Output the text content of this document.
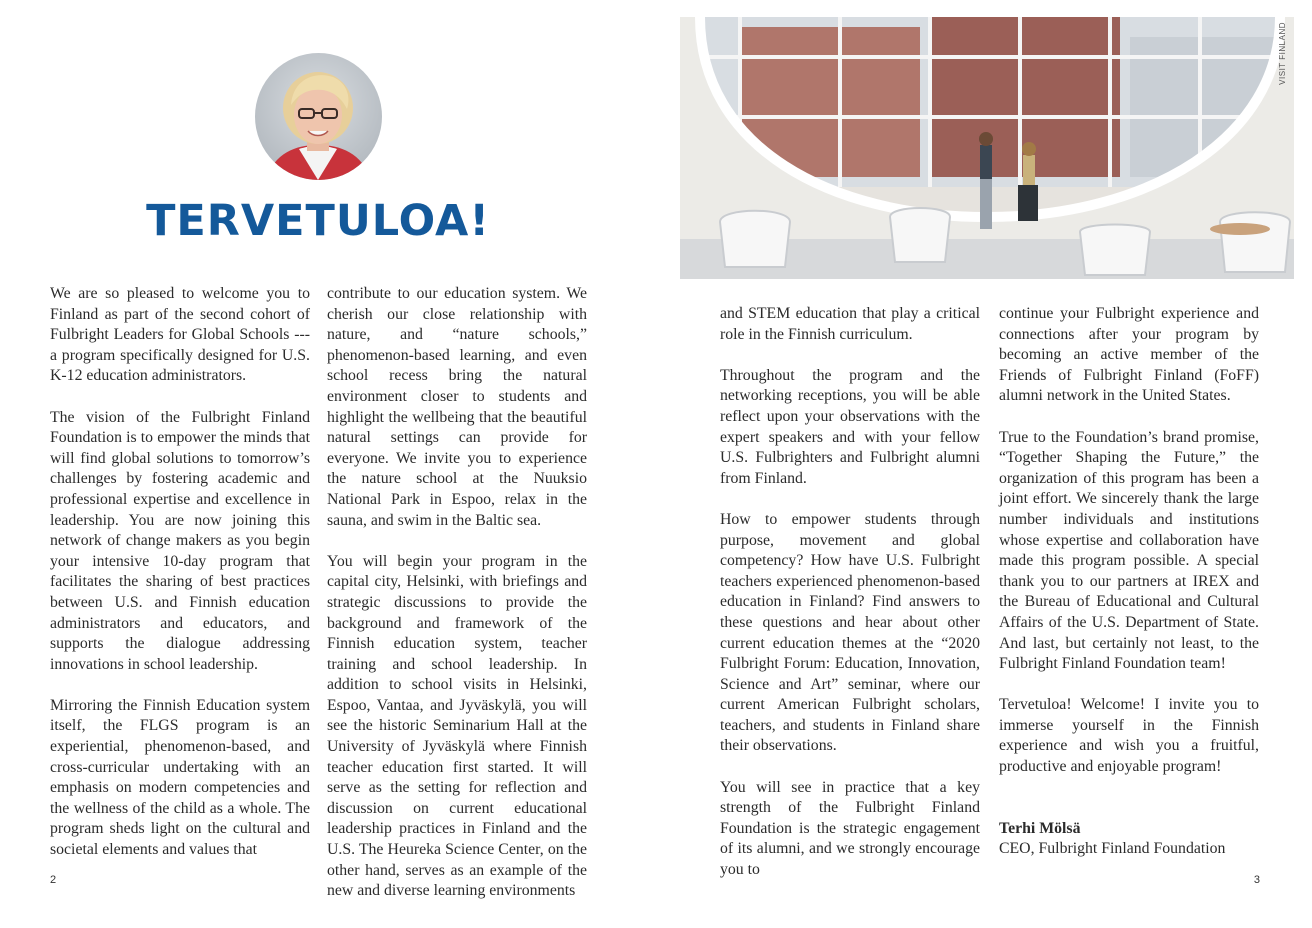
TERVETULOA!

We are so pleased to welcome you to Finland as part of the second cohort of Fulbright Leaders for Global Schools --- a program specifically designed for U.S. K-12 education administrators.

The vision of the Fulbright Finland Foundation is to empower the minds that will find global solutions to tomorrow’s challenges by fostering academic and professional expertise and excellence in leadership. You are now joining this network of change makers as you begin your intensive 10-day program that facilitates the sharing of best practices between U.S. and Finnish education administrators and educators, and supports the dialogue addressing innovations in school leadership.

Mirroring the Finnish Education system itself, the FLGS program is an experiential, phenomenon-based, and cross-curricular undertaking with an emphasis on modern competencies and the wellness of the child as a whole. The program sheds light on the cultural and societal elements and values that

contribute to our education system. We cherish our close relationship with nature, and “nature schools,” phenomenon-based learning, and even school recess bring the natural environment closer to students and highlight the wellbeing that the beautiful natural settings can provide for everyone. We invite you to experience the nature school at the Nuuksio National Park in Espoo, relax in the sauna, and swim in the Baltic sea.

You will begin your program in the capital city, Helsinki, with briefings and strategic discussions to provide the background and framework of the Finnish education system, teacher training and school leadership. In addition to school visits in Helsinki, Espoo, Vantaa, and Jyväskylä, you will see the historic Seminarium Hall at the University of Jyväskylä where Finnish teacher education first started. It will serve as the setting for reflection and discussion on current educational leadership practices in Finland and the U.S. The Heureka Science Center, on the other hand, serves as an example of the new and diverse learning environments

2
VISIT FINLAND

and STEM education that play a critical role in the Finnish curriculum.

Throughout the program and the networking receptions, you will be able reflect upon your observations with the expert speakers and with your fellow U.S. Fulbrighters and Fulbright alumni from Finland.

How to empower students through purpose, movement and global competency? How have U.S. Fulbright teachers experienced phenomenon-based education in Finland? Find answers to these questions and hear about other current education themes at the “2020 Fulbright Forum: Education, Innovation, Science and Art” seminar, where our current American Fulbright scholars, teachers, and students in Finland share their observations.

You will see in practice that a key strength of the Fulbright Finland Foundation is the strategic engagement of its alumni, and we strongly encourage you to

continue your Fulbright experience and connections after your program by becoming an active member of the Friends of Fulbright Finland (FoFF) alumni network in the United States.

True to the Foundation’s brand promise, “Together Shaping the Future,” the organization of this program has been a joint effort. We sincerely thank the large number individuals and institutions whose expertise and collaboration have made this program possible. A special thank you to our partners at IREX and the Bureau of Educational and Cultural Affairs of the U.S. Department of State. And last, but certainly not least, to the Fulbright Finland Foundation team!

Tervetuloa! Welcome! I invite you to immerse yourself in the Finnish experience and wish you a fruitful, productive and enjoyable program!

Terhi Mölsä
CEO, Fulbright Finland Foundation

3
